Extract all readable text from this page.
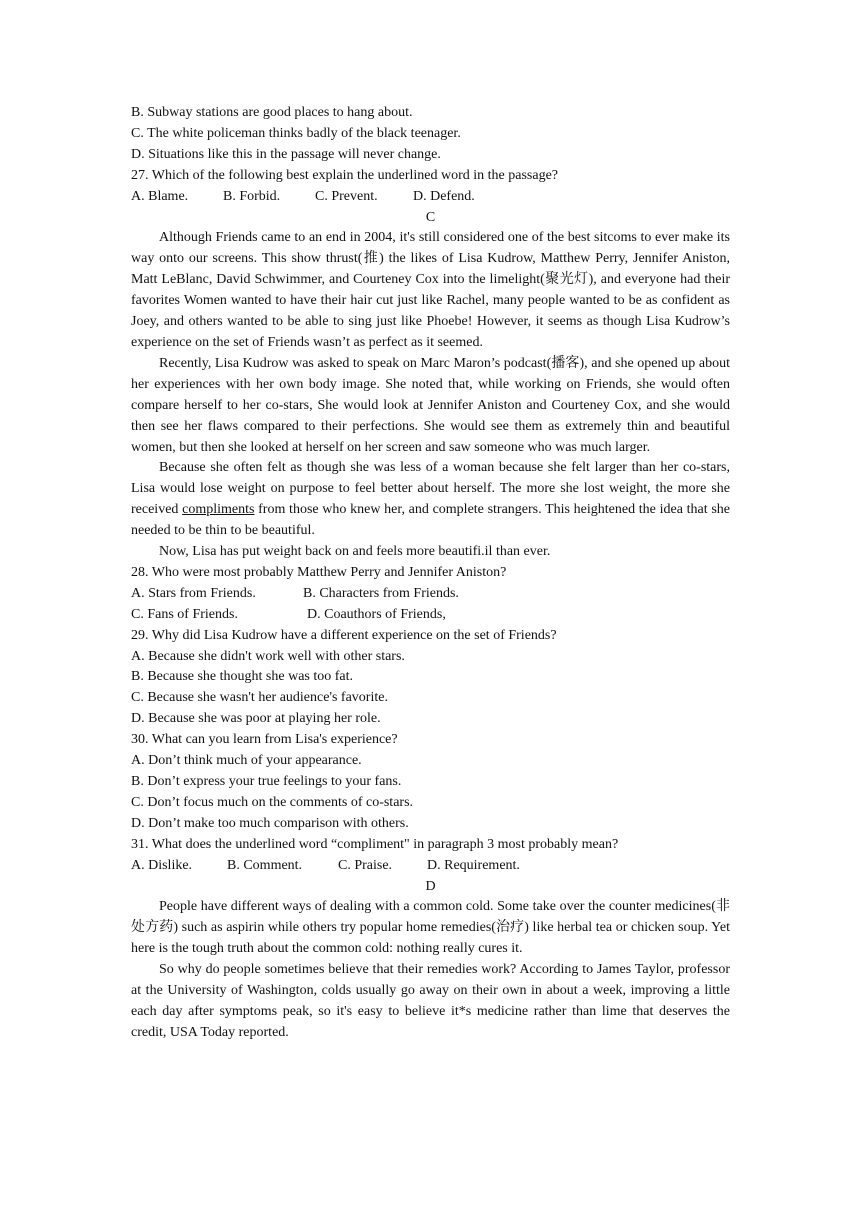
B. Subway stations are good places to hang about.
C. The white policeman thinks badly of the black teenager.
D. Situations like this in the passage will never change.
27. Which of the following best explain the underlined word in the passage?
A. Blame. B. Forbid. C. Prevent.	D. Defend.
C
Although Friends came to an end in 2004, it's still considered one of the best sitcoms to ever make its way onto our screens. This show thrust(推) the likes of Lisa Kudrow, Matthew Perry, Jennifer Aniston, Matt LeBlanc, David Schwimmer, and Courteney Cox into the limelight(聚光灯), and everyone had their favorites Women wanted to have their hair cut just like Rachel, many people wanted to be as confident as Joey, and others wanted to be able to sing just like Phoebe! However, it seems as though Lisa Kudrow’s experience on the set of Friends wasn’t as perfect as it seemed.
Recently, Lisa Kudrow was asked to speak on Marc Maron’s podcast(播客), and she opened up about her experiences with her own body image. She noted that, while working on Friends, she would often compare herself to her co-stars, She would look at Jennifer Aniston and Courteney Cox, and she would then see her flaws compared to their perfections. She would see them as extremely thin and beautiful women, but then she looked at herself on her screen and saw someone who was much larger.
Because she often felt as though she was less of a woman because she felt larger than her co-stars, Lisa would lose weight on purpose to feel better about herself. The more she lost weight, the more she received compliments from those who knew her, and complete strangers. This heightened the idea that she needed to be thin to be beautiful.
Now, Lisa has put weight back on and feels more beautifi.il than ever.
28. Who were most probably Matthew Perry and Jennifer Aniston?
A. Stars from Friends.	B. Characters from Friends.
C. Fans of Friends.	D. Coauthors of Friends,
29. Why did Lisa Kudrow have a different experience on the set of Friends?
A. Because she didn't work well with other stars.
B. Because she thought she was too fat.
C. Because she wasn't her audience's favorite.
D. Because she was poor at playing her role.
30. What can you learn from Lisa's experience?
A. Don’t think much of your appearance.
B. Don’t express your true feelings to your fans.
C. Don’t focus much on the comments of co-stars.
D. Don’t make too much comparison with others.
31. What does the underlined word “compliment" in paragraph 3 most probably mean?
A. Dislike. B. Comment.	C. Praise. D. Requirement.
D
People have different ways of dealing with a common cold. Some take over the counter medicines(非处方药) such as aspirin while others try popular home remedies(治疗) like herbal tea or chicken soup. Yet here is the tough truth about the common cold: nothing really cures it.
So why do people sometimes believe that their remedies work? According to James Taylor, professor at the University of Washington, colds usually go away on their own in about a week, improving a little each day after symptoms peak, so it's easy to believe it*s medicine rather than lime that deserves the credit, USA Today reported.
